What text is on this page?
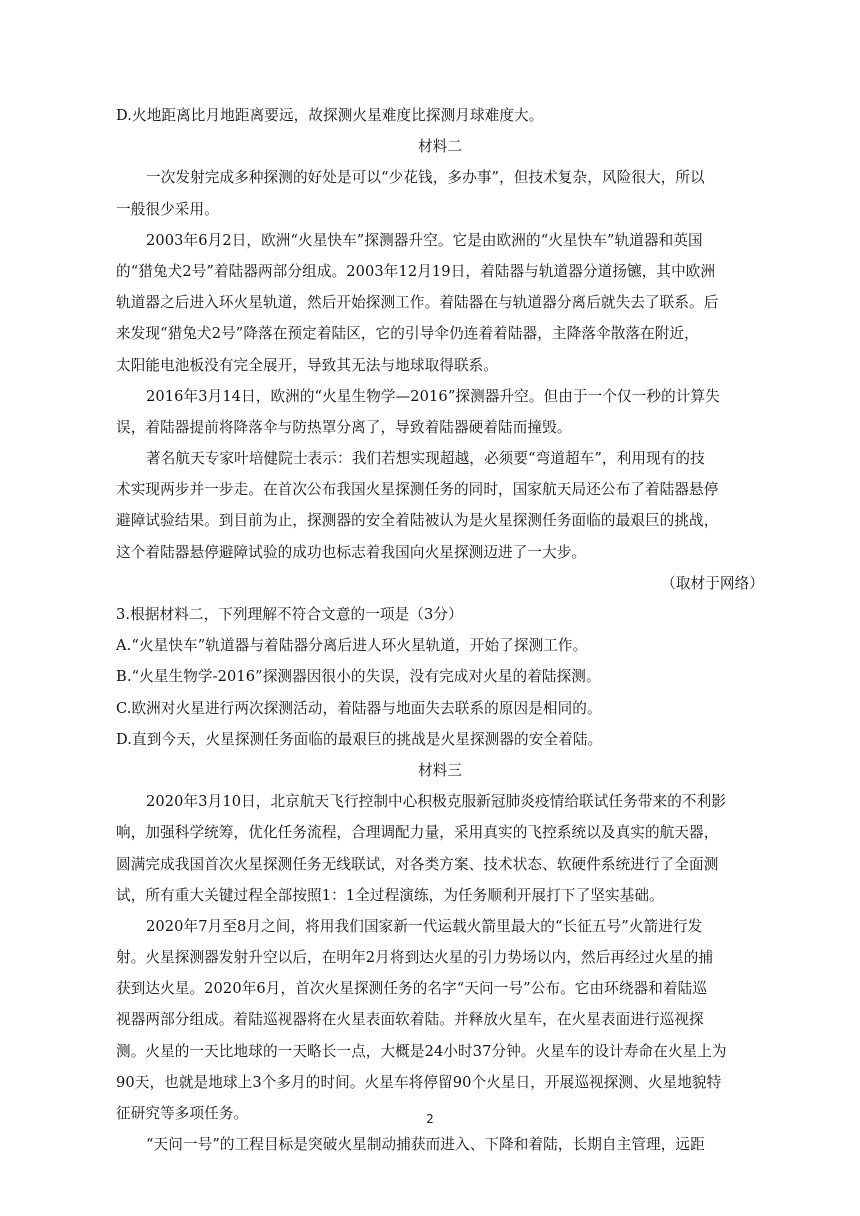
D.火地距离比月地距离要远，故探测火星难度比探测月球难度大。
材料二
一次发射完成多种探测的好处是可以“少花钱，多办事”，但技术复杂，风险很大，所以
一般很少采用。
2003年6月2日，欧洲“火星快车”探测器升空。它是由欧洲的“火星快车”轨道器和英国
的“猎兔犬2号”着陆器两部分组成。2003年12月19日，着陆器与轨道器分道扬镳，其中欧洲
轨道器之后进入环火星轨道，然后开始探测工作。着陆器在与轨道器分离后就失去了联系。后
来发现“猎兔犬2号”降落在预定着陆区，它的引导伞仍连着着陆器，主降落伞散落在附近，
太阳能电池板没有完全展开，导致其无法与地球取得联系。
2016年3月14日，欧洲的“火星生物学—2016”探测器升空。但由于一个仅一秒的计算失
误，着陆器提前将降落伞与防热罩分离了，导致着陆器硬着陆而撞毁。
著名航天专家叶培健院士表示：我们若想实现超越，必须要“弯道超车”，利用现有的技
术实现两步并一步走。在首次公布我国火星探测任务的同时，国家航天局还公布了着陆器悬停
避障试验结果。到目前为止，探测器的安全着陆被认为是火星探测任务面临的最艰巨的挑战，
这个着陆器悬停避障试验的成功也标志着我国向火星探测迈进了一大步。
（取材于网络）
3.根据材料二，下列理解不符合文意的一项是（3分）
A.“火星快车”轨道器与着陆器分离后进人环火星轨道，开始了探测工作。
B.“火星生物学-2016”探测器因很小的失误，没有完成对火星的着陆探测。
C.欧洲对火星进行两次探测活动，着陆器与地面失去联系的原因是相同的。
D.直到今天，火星探测任务面临的最艰巨的挑战是火星探测器的安全着陆。
材料三
2020年3月10日，北京航天飞行控制中心积极克服新冠肺炎疫情给联试任务带来的不利影
响，加强科学统筹，优化任务流程，合理调配力量，采用真实的飞控系统以及真实的航天器，
圆满完成我国首次火星探测任务无线联试，对各类方案、技术状态、软硬件系统进行了全面测
试，所有重大关键过程全部按照1：1全过程演练，为任务顺利开展打下了坚实基础。
2020年7月至8月之间，将用我们国家新一代运载火箭里最大的“长征五号”火箭进行发
射。火星探测器发射升空以后，在明年2月将到达火星的引力势场以内，然后再经过火星的捕
获到达火星。2020年6月，首次火星探测任务的名字“天问一号”公布。它由环绕器和着陆巡
视器两部分组成。着陆巡视器将在火星表面软着陆。并释放火星车，在火星表面进行巡视探
测。火星的一天比地球的一天略长一点，大概是24小时37分钟。火星车的设计寿命在火星上为
90天，也就是地球上3个多月的时间。火星车将停留90个火星日，开展巡视探测、火星地貌特
征研究等多项任务。
“天问一号”的工程目标是突破火星制动捕获而进入、下降和着陆，长期自主管理，远距
2
